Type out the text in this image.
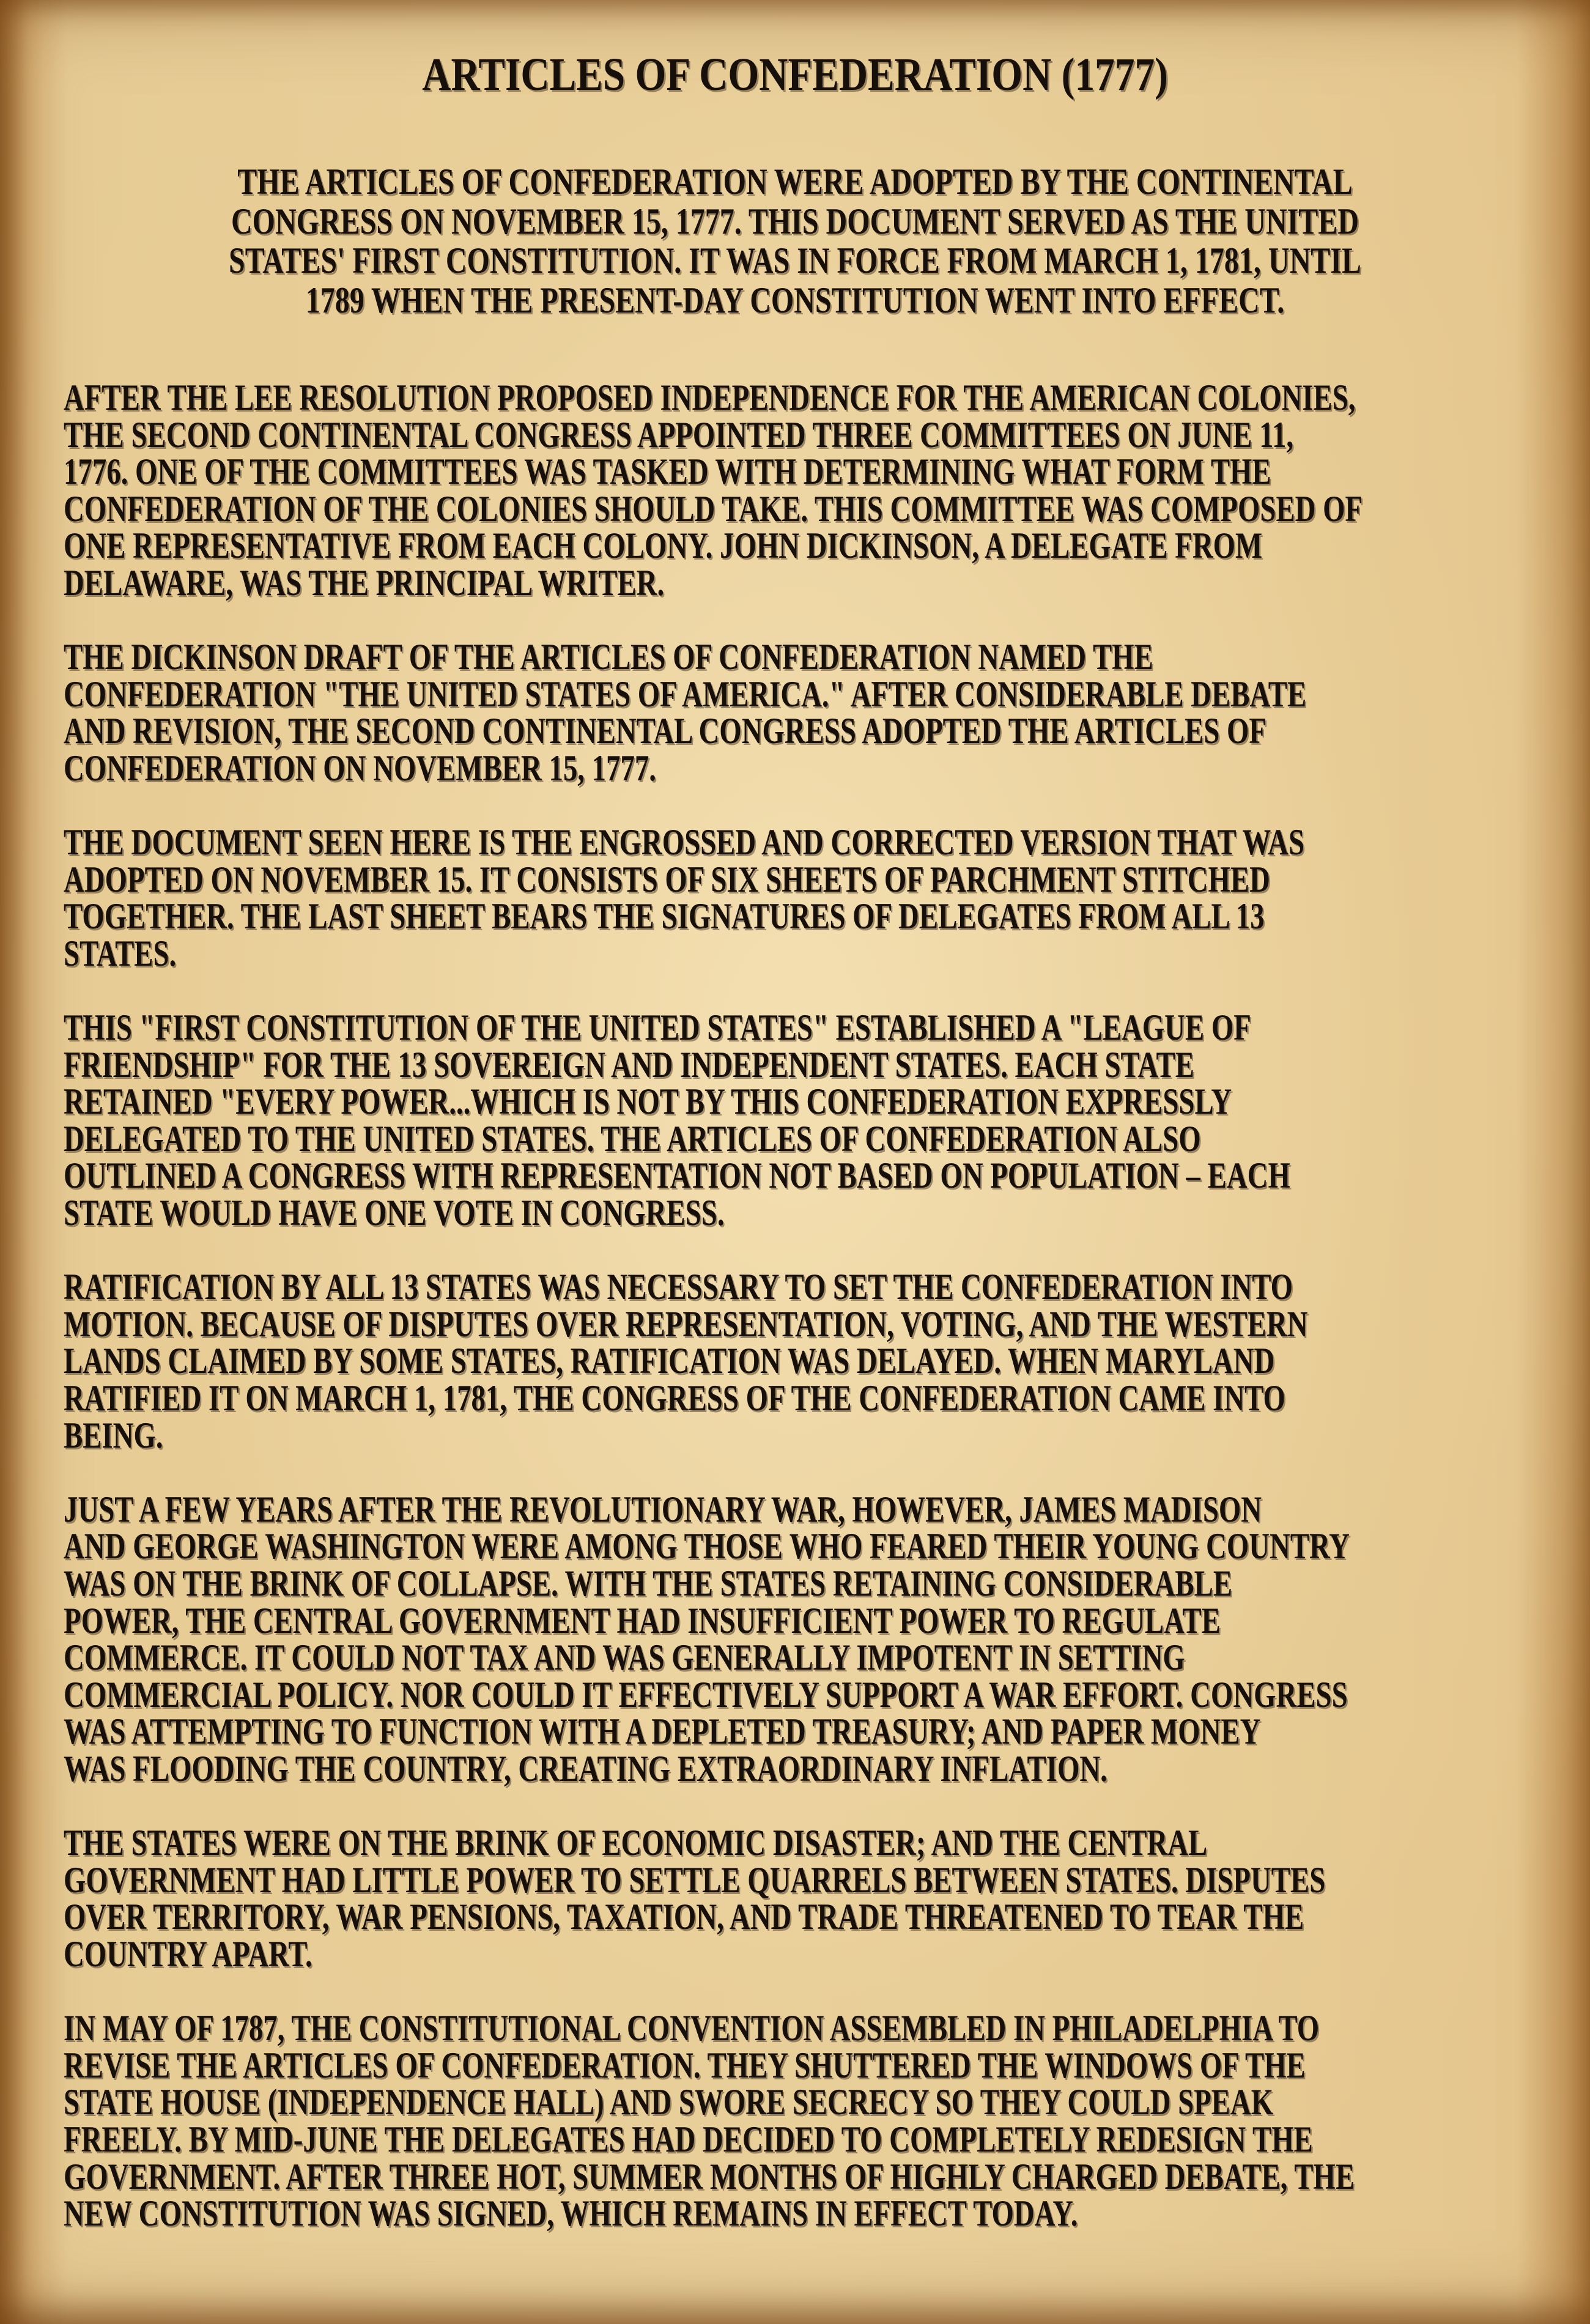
ARTICLES OF CONFEDERATION (1777)
THE ARTICLES OF CONFEDERATION WERE ADOPTED BY THE CONTINENTAL
CONGRESS ON NOVEMBER 15, 1777. THIS DOCUMENT SERVED AS THE UNITED
STATES' FIRST CONSTITUTION. IT WAS IN FORCE FROM MARCH 1, 1781, UNTIL
1789 WHEN THE PRESENT-DAY CONSTITUTION WENT INTO EFFECT.
AFTER THE LEE RESOLUTION PROPOSED INDEPENDENCE FOR THE AMERICAN COLONIES,
THE SECOND CONTINENTAL CONGRESS APPOINTED THREE COMMITTEES ON JUNE 11,
1776. ONE OF THE COMMITTEES WAS TASKED WITH DETERMINING WHAT FORM THE
CONFEDERATION OF THE COLONIES SHOULD TAKE. THIS COMMITTEE WAS COMPOSED OF
ONE REPRESENTATIVE FROM EACH COLONY. JOHN DICKINSON, A DELEGATE FROM
DELAWARE, WAS THE PRINCIPAL WRITER.
THE DICKINSON DRAFT OF THE ARTICLES OF CONFEDERATION NAMED THE
CONFEDERATION "THE UNITED STATES OF AMERICA." AFTER CONSIDERABLE DEBATE
AND REVISION, THE SECOND CONTINENTAL CONGRESS ADOPTED THE ARTICLES OF
CONFEDERATION ON NOVEMBER 15, 1777.
THE DOCUMENT SEEN HERE IS THE ENGROSSED AND CORRECTED VERSION THAT WAS
ADOPTED ON NOVEMBER 15. IT CONSISTS OF SIX SHEETS OF PARCHMENT STITCHED
TOGETHER. THE LAST SHEET BEARS THE SIGNATURES OF DELEGATES FROM ALL 13
STATES.
THIS "FIRST CONSTITUTION OF THE UNITED STATES" ESTABLISHED A "LEAGUE OF
FRIENDSHIP" FOR THE 13 SOVEREIGN AND INDEPENDENT STATES. EACH STATE
RETAINED "EVERY POWER...WHICH IS NOT BY THIS CONFEDERATION EXPRESSLY
DELEGATED TO THE UNITED STATES. THE ARTICLES OF CONFEDERATION ALSO
OUTLINED A CONGRESS WITH REPRESENTATION NOT BASED ON POPULATION – EACH
STATE WOULD HAVE ONE VOTE IN CONGRESS.
RATIFICATION BY ALL 13 STATES WAS NECESSARY TO SET THE CONFEDERATION INTO
MOTION. BECAUSE OF DISPUTES OVER REPRESENTATION, VOTING, AND THE WESTERN
LANDS CLAIMED BY SOME STATES, RATIFICATION WAS DELAYED. WHEN MARYLAND
RATIFIED IT ON MARCH 1, 1781, THE CONGRESS OF THE CONFEDERATION CAME INTO
BEING.
JUST A FEW YEARS AFTER THE REVOLUTIONARY WAR, HOWEVER, JAMES MADISON
AND GEORGE WASHINGTON WERE AMONG THOSE WHO FEARED THEIR YOUNG COUNTRY
WAS ON THE BRINK OF COLLAPSE. WITH THE STATES RETAINING CONSIDERABLE
POWER, THE CENTRAL GOVERNMENT HAD INSUFFICIENT POWER TO REGULATE
COMMERCE. IT COULD NOT TAX AND WAS GENERALLY IMPOTENT IN SETTING
COMMERCIAL POLICY. NOR COULD IT EFFECTIVELY SUPPORT A WAR EFFORT. CONGRESS
WAS ATTEMPTING TO FUNCTION WITH A DEPLETED TREASURY; AND PAPER MONEY
WAS FLOODING THE COUNTRY, CREATING EXTRAORDINARY INFLATION.
THE STATES WERE ON THE BRINK OF ECONOMIC DISASTER; AND THE CENTRAL
GOVERNMENT HAD LITTLE POWER TO SETTLE QUARRELS BETWEEN STATES. DISPUTES
OVER TERRITORY, WAR PENSIONS, TAXATION, AND TRADE THREATENED TO TEAR THE
COUNTRY APART.
IN MAY OF 1787, THE CONSTITUTIONAL CONVENTION ASSEMBLED IN PHILADELPHIA TO
REVISE THE ARTICLES OF CONFEDERATION. THEY SHUTTERED THE WINDOWS OF THE
STATE HOUSE (INDEPENDENCE HALL) AND SWORE SECRECY SO THEY COULD SPEAK
FREELY. BY MID-JUNE THE DELEGATES HAD DECIDED TO COMPLETELY REDESIGN THE
GOVERNMENT. AFTER THREE HOT, SUMMER MONTHS OF HIGHLY CHARGED DEBATE, THE
NEW CONSTITUTION WAS SIGNED, WHICH REMAINS IN EFFECT TODAY.
